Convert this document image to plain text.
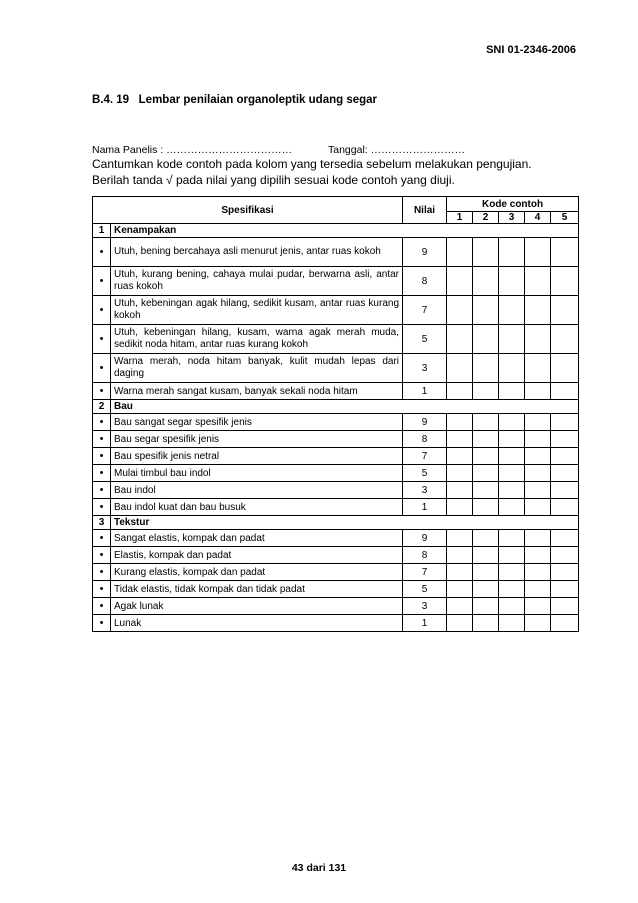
SNI 01-2346-2006
B.4. 19   Lembar penilaian organoleptik udang segar
Nama Panelis : ………………………………	Tanggal: ………………………
Cantumkan kode contoh pada kolom yang tersedia sebelum melakukan pengujian.
Berilah tanda √ pada nilai yang dipilih sesuai kode contoh yang diuji.
Spesifikasi		Nilai	Kode contoh				
			1	2	3	4	5
1	Kenampakan						
•	Utuh, bening bercahaya asli menurut jenis, antar ruas kokoh	9					
•	Utuh, kurang bening, cahaya mulai pudar, berwarna asli, antar ruas kokoh	8					
•	Utuh, kebeningan agak hilang, sedikit kusam, antar ruas kurang kokoh	7					
•	Utuh, kebeningan hilang, kusam, warna agak merah muda, sedikit noda hitam, antar ruas kurang kokoh	5					
•	Warna merah, noda hitam banyak, kulit mudah lepas dari daging	3					
•	Warna merah sangat kusam, banyak sekali noda hitam	1					
2	Bau						
•	Bau sangat segar spesifik jenis	9					
•	Bau segar spesifik jenis	8					
•	Bau spesifik jenis netral	7					
•	Mulai timbul bau indol	5					
•	Bau indol	3					
•	Bau indol kuat dan bau busuk	1					
3	Tekstur						
•	Sangat elastis, kompak dan padat	9					
•	Elastis, kompak dan padat	8					
•	Kurang elastis, kompak dan padat	7					
•	Tidak elastis, tidak kompak dan tidak padat	5					
•	Agak lunak	3					
•	Lunak	1					
43 dari 131
